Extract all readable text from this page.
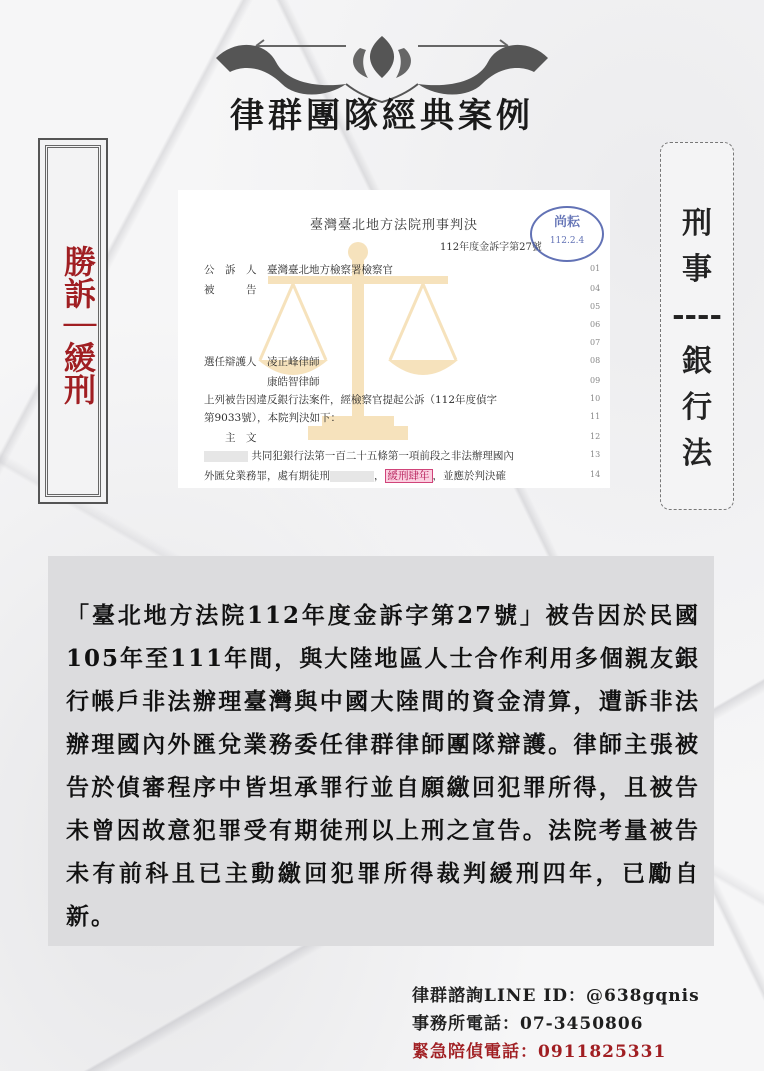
律群團隊經典案例
勝訴｜緩刑
刑
事
----
銀
行
法
臺灣臺北地方法院刑事判決
112年度金訴字第27號
尚耘
112.2.4
公　訴　人　臺灣臺北地方檢察署檢察官	01
被　　　告	04
05
06
07
選任辯護人　凌正峰律師	08
　　　　　　康皓智律師	09
上列被告因違反銀行法案件，經檢察官提起公訴（112年度偵字	10
第9033號），本院判決如下：	11
　　主　文	12
共同犯銀行法第一百二十五條第一項前段之非法辦理國內	13
外匯兌業務罪，處有期徒刑	， 緩刑肆年 ，並應於判決確	14

「臺北地方法院112年度金訴字第27號」被告因於民國105年至111年間，與大陸地區人士合作利用多個親友銀行帳戶非法辦理臺灣與中國大陸間的資金清算，遭訴非法辦理國內外匯兌業務委任律群律師團隊辯護。律師主張被告於偵審程序中皆坦承罪行並自願繳回犯罪所得，且被告未曾因故意犯罪受有期徒刑以上刑之宣告。法院考量被告未有前科且已主動繳回犯罪所得裁判緩刑四年，已勵自新。

律群諮詢LINE ID：@638gqnis
事務所電話：07-3450806
緊急陪偵電話：0911825331
